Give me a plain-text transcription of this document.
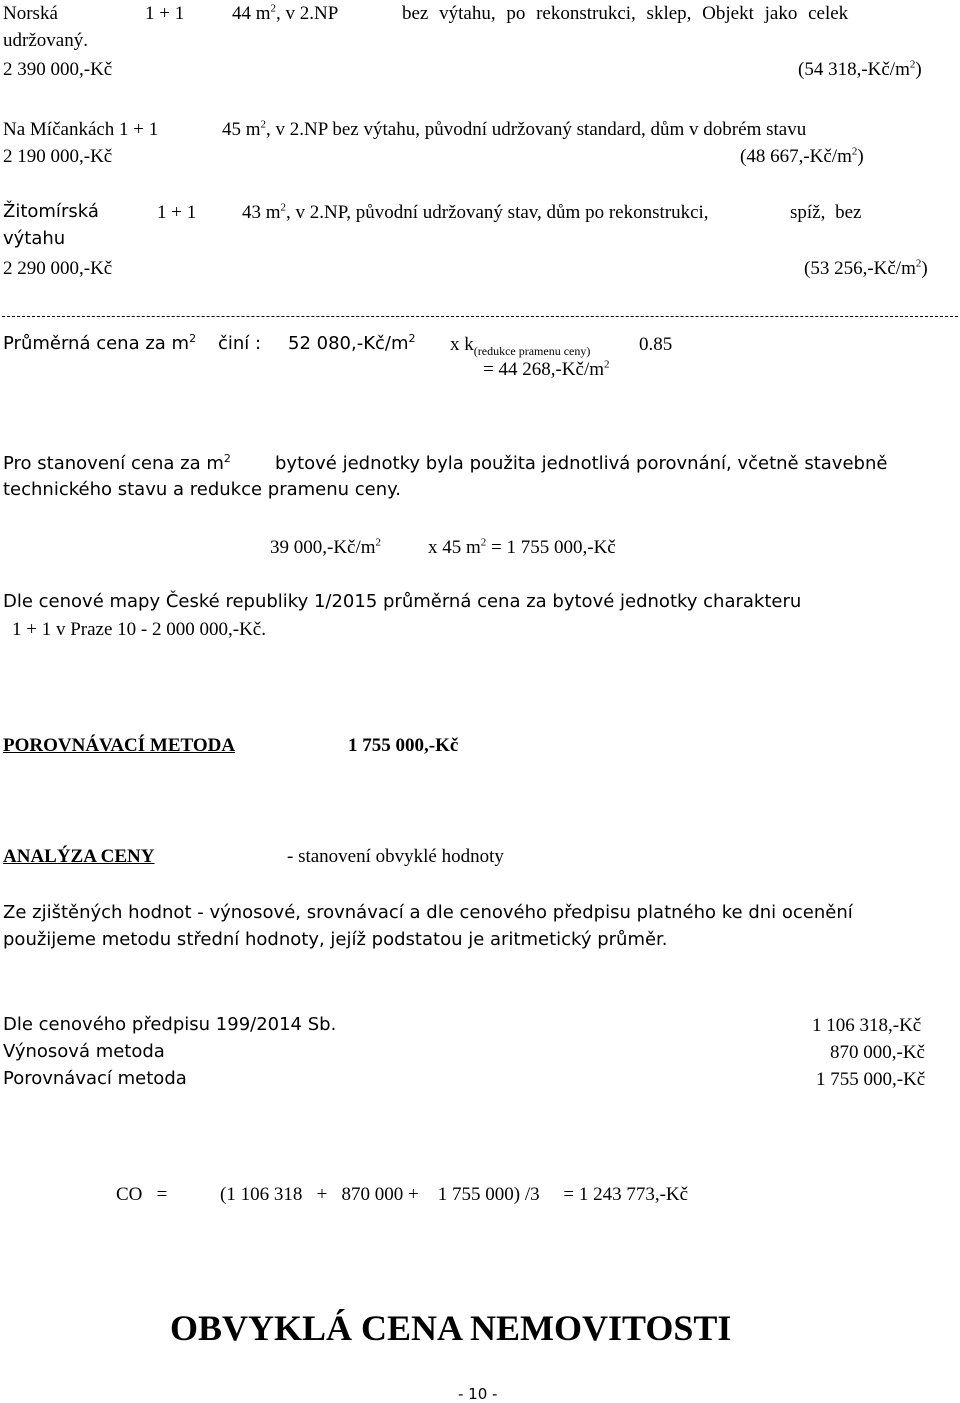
Norská	1 + 1	44 $m^2$, v 2.NP	bez výtahu, po rekonstrukci, sklep, Objekt jako celek
udržovaný.
2 390 000,-Kč	(54 $318,-Kč/m^2$)
Na Míčankách 1 + 1	45 $m^2$, v 2.NP bez výtahu, původní udržovaný standard, dům v dobrém stavu
2 190 000,-Kč	(48 $667,-Kč/m^2$)
Žitomírská	1 + 1 43 $m^2$, v 2.NP, původní udržovaný stav, dům po rekonstrukci,	spíž, bez
výtahu
2 290 000,-Kč	(53 $256,-Kč/m^2$)
Průměrná cena za $m^2$ činí : 52 $080,-Kč/m^2$ x $k_{(redukce pramenu ceny)}$	0.85
= 44 $268,-Kč/m^2$
Pro stanovení cena za $m^2$	bytové jednotky byla použita jednotlivá porovnání, včetně stavebně
technického stavu a redukce pramenu ceny.
39 $000,-Kč/m^2$ x 45 $m^2 = 1$ 755 000,-Kč
Dle cenové mapy České republiky 1/2015 průměrná cena za bytové jednotky charakteru
1 + 1 v Praze 10 - 2 000 000,-Kč.
POROVNÁVACÍ METODA	1 755 000,-Kč
ANALÝZA CENY	- stanovení obvyklé hodnoty
Ze zjištěných hodnot - výnosové, srovnávací a dle cenového předpisu platného ke dni ocenění
použijeme metodu střední hodnoty, jejíž podstatou je aritmetický průměr.
Dle cenového předpisu 199/2014 Sb.	1 106 318,-Kč
Výnosová metoda	870 000,-Kč
Porovnávací metoda	1 755 000,-Kč
CO   =	(1 106 318   +   870 000 +    1 755 000) /3     = 1 243 773,-Kč
OBVYKLÁ CENA NEMOVITOSTI
- 10 -
